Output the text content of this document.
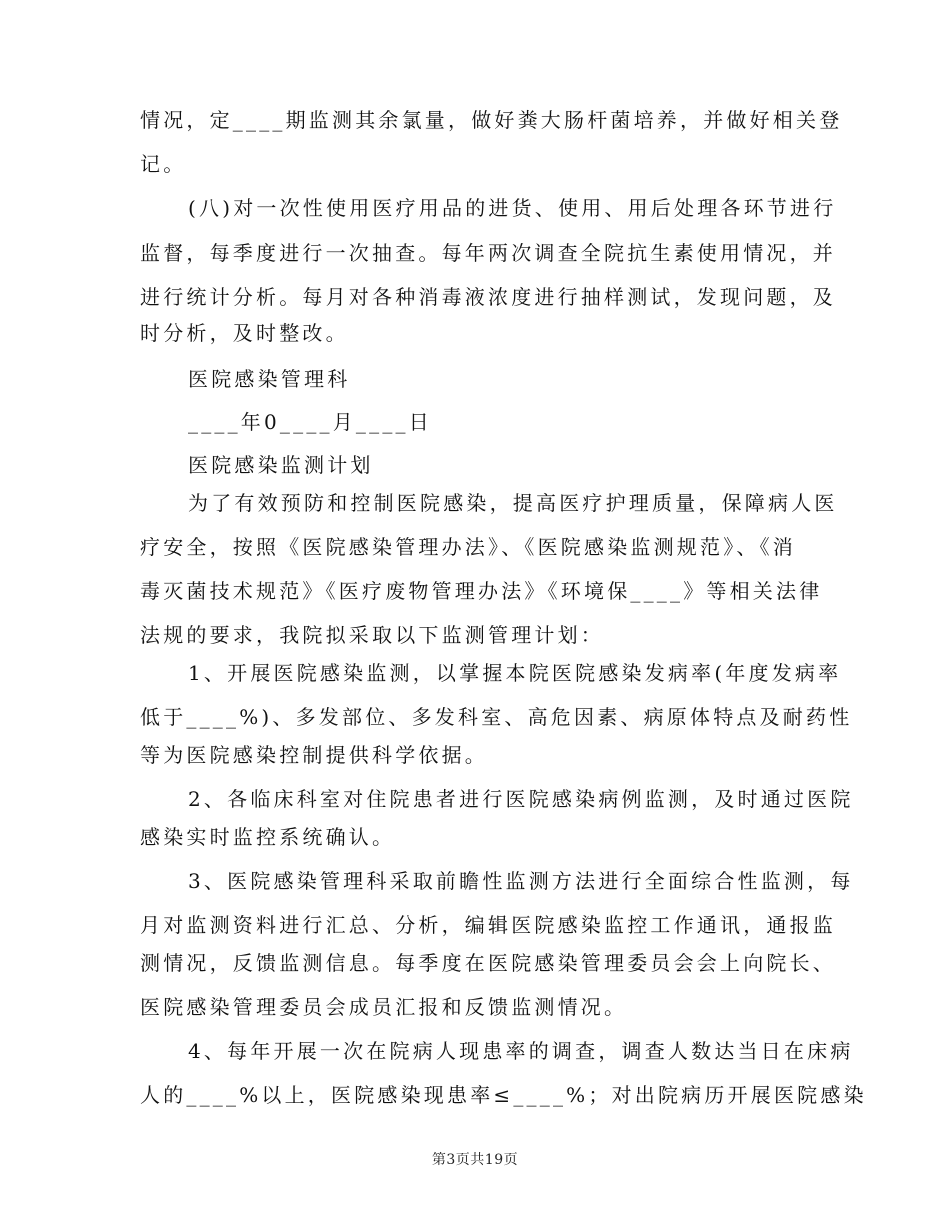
情况，定____期监测其余氯量，做好粪大肠杆菌培养，并做好相关登
记。
(八)对一次性使用医疗用品的进货、使用、用后处理各环节进行
监督，每季度进行一次抽查。每年两次调查全院抗生素使用情况，并
进行统计分析。每月对各种消毒液浓度进行抽样测试，发现问题，及
时分析，及时整改。
医院感染管理科
____年0____月____日
医院感染监测计划
为了有效预防和控制医院感染，提高医疗护理质量，保障病人医
疗安全，按照《医院感染管理办法》、《医院感染监测规范》、《消
毒灭菌技术规范》《医疗废物管理办法》《环境保____》等相关法律
法规的要求，我院拟采取以下监测管理计划：
1、开展医院感染监测，以掌握本院医院感染发病率(年度发病率
低于____%)、多发部位、多发科室、高危因素、病原体特点及耐药性
等为医院感染控制提供科学依据。
2、各临床科室对住院患者进行医院感染病例监测，及时通过医院
感染实时监控系统确认。
3、医院感染管理科采取前瞻性监测方法进行全面综合性监测，每
月对监测资料进行汇总、分析，编辑医院感染监控工作通讯，通报监
测情况，反馈监测信息。每季度在医院感染管理委员会会上向院长、
医院感染管理委员会成员汇报和反馈监测情况。
4、每年开展一次在院病人现患率的调查，调查人数达当日在床病
人的____%以上，医院感染现患率≤____%；对出院病历开展医院感染
第3页共19页
